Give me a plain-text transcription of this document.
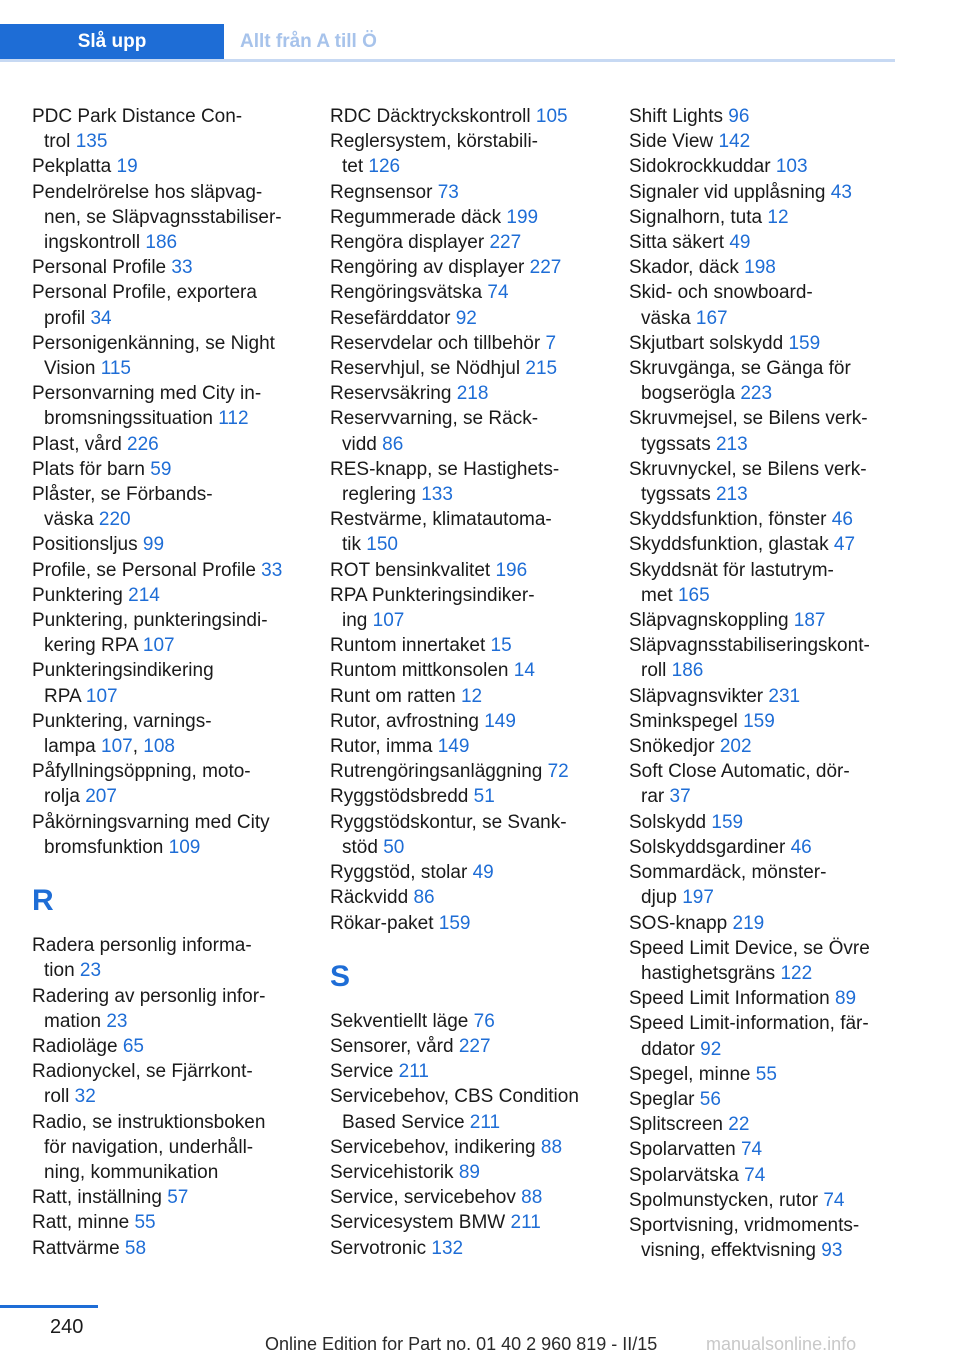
Slå upp	Allt från A till Ö
PDC Park Distance Con-
trol 135
Pekplatta 19
Pendelrörelse hos släpvag-
nen, se Släpvagnsstabiliser-
ingskontroll 186
Personal Profile 33
Personal Profile, exportera
profil 34
Personigenkänning, se Night
Vision 115
Personvarning med City in-
bromsningssituation 112
Plast, vård 226
Plats för barn 59
Plåster, se Förbands-
väska 220
Positionsljus 99
Profile, se Personal Profile 33
Punktering 214
Punktering, punkteringsindi-
kering RPA 107
Punkteringsindikering
RPA 107
Punktering, varnings-
lampa 107, 108
Påfyllningsöppning, moto-
rolja 207
Påkörningsvarning med City
bromsfunktion 109
R
Radera personlig informa-
tion 23
Radering av personlig infor-
mation 23
Radioläge 65
Radionyckel, se Fjärrkont-
roll 32
Radio, se instruktionsboken
för navigation, underhåll-
ning, kommunikation
Ratt, inställning 57
Ratt, minne 55
Rattvärme 58
RDC Däcktryckskontroll 105
Reglersystem, körstabili-
tet 126
Regnsensor 73
Regummerade däck 199
Rengöra displayer 227
Rengöring av displayer 227
Rengöringsvätska 74
Resefärddator 92
Reservdelar och tillbehör 7
Reservhjul, se Nödhjul 215
Reservsäkring 218
Reservvarning, se Räck-
vidd 86
RES-knapp, se Hastighets-
reglering 133
Restvärme, klimatautoma-
tik 150
ROT bensinkvalitet 196
RPA Punkteringsindiker-
ing 107
Runtom innertaket 15
Runtom mittkonsolen 14
Runt om ratten 12
Rutor, avfrostning 149
Rutor, imma 149
Rutrengöringsanläggning 72
Ryggstödsbredd 51
Ryggstödskontur, se Svank-
stöd 50
Ryggstöd, stolar 49
Räckvidd 86
Rökar-paket 159
S
Sekventiellt läge 76
Sensorer, vård 227
Service 211
Servicebehov, CBS Condition
Based Service 211
Servicebehov, indikering 88
Servicehistorik 89
Service, servicebehov 88
Servicesystem BMW 211
Servotronic 132
Shift Lights 96
Side View 142
Sidokrockkuddar 103
Signaler vid upplåsning 43
Signalhorn, tuta 12
Sitta säkert 49
Skador, däck 198
Skid- och snowboard-
väska 167
Skjutbart solskydd 159
Skruvgänga, se Gänga för
bogserögla 223
Skruvmejsel, se Bilens verk-
tygssats 213
Skruvnyckel, se Bilens verk-
tygssats 213
Skyddsfunktion, fönster 46
Skyddsfunktion, glastak 47
Skyddsnät för lastutrym-
met 165
Släpvagnskoppling 187
Släpvagnsstabiliseringskont-
roll 186
Släpvagnsvikter 231
Sminkspegel 159
Snökedjor 202
Soft Close Automatic, dör-
rar 37
Solskydd 159
Solskyddsgardiner 46
Sommardäck, mönster-
djup 197
SOS-knapp 219
Speed Limit Device, se Övre
hastighetsgräns 122
Speed Limit Information 89
Speed Limit-information, fär-
ddator 92
Spegel, minne 55
Speglar 56
Splitscreen 22
Spolarvatten 74
Spolarvätska 74
Spolmunstycken, rutor 74
Sportvisning, vridmoments-
visning, effektvisning 93
240
Online Edition for Part no. 01 40 2 960 819 - II/15	manualsonline.info
